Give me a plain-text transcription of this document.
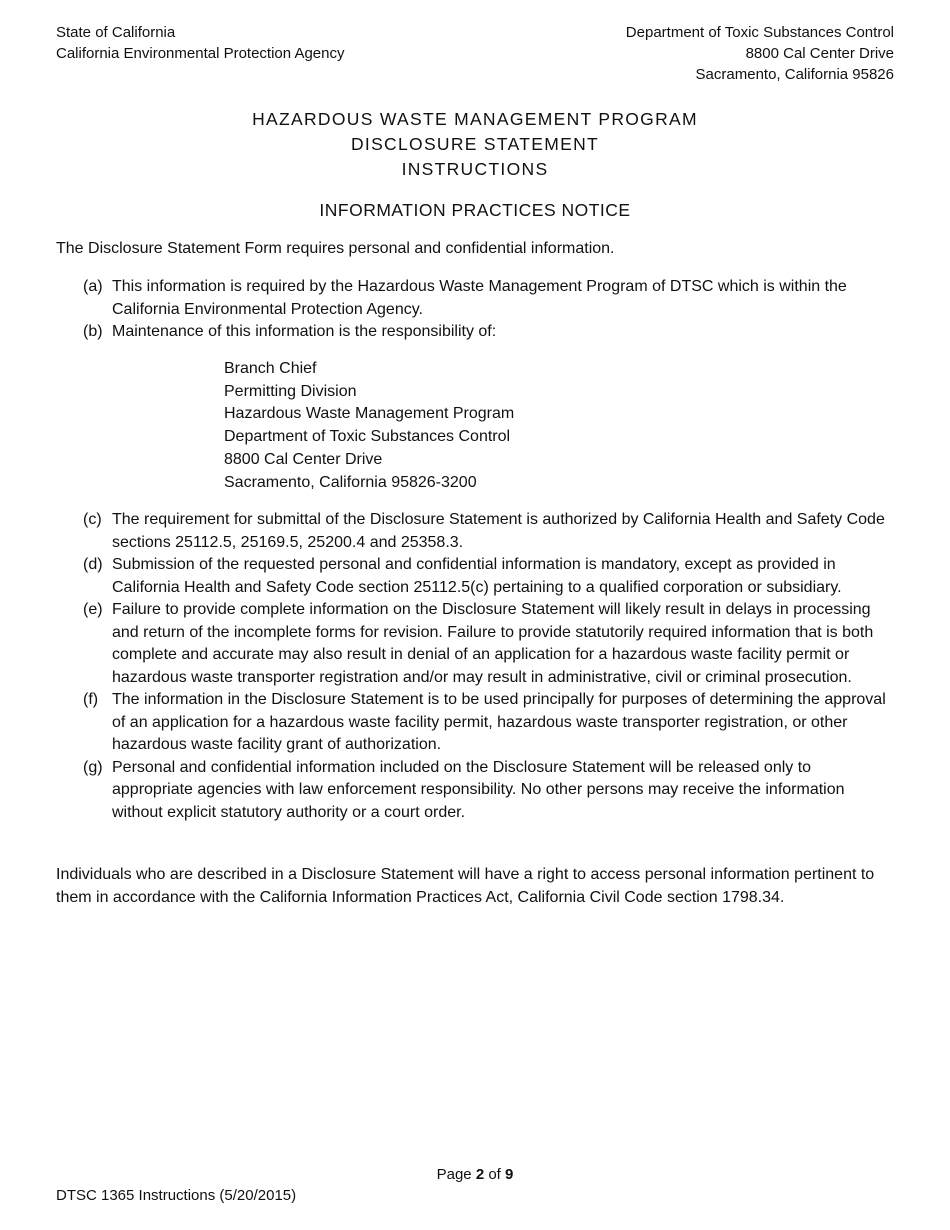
State of California
California Environmental Protection Agency
Department of Toxic Substances Control
8800 Cal Center Drive
Sacramento, California 95826
HAZARDOUS WASTE MANAGEMENT PROGRAM
DISCLOSURE STATEMENT
INSTRUCTIONS
INFORMATION PRACTICES NOTICE
The Disclosure Statement Form requires personal and confidential information.
(a) This information is required by the Hazardous Waste Management Program of DTSC which is within the California Environmental Protection Agency.
(b) Maintenance of this information is the responsibility of:
Branch Chief
Permitting Division
Hazardous Waste Management Program
Department of Toxic Substances Control
8800 Cal Center Drive
Sacramento, California 95826-3200
(c) The requirement for submittal of the Disclosure Statement is authorized by California Health and Safety Code sections 25112.5, 25169.5, 25200.4 and 25358.3.
(d) Submission of the requested personal and confidential information is mandatory, except as provided in California Health and Safety Code section 25112.5(c) pertaining to a qualified corporation or subsidiary.
(e) Failure to provide complete information on the Disclosure Statement will likely result in delays in processing and return of the incomplete forms for revision. Failure to provide statutorily required information that is both complete and accurate may also result in denial of an application for a hazardous waste facility permit or hazardous waste transporter registration and/or may result in administrative, civil or criminal prosecution.
(f) The information in the Disclosure Statement is to be used principally for purposes of determining the approval of an application for a hazardous waste facility permit, hazardous waste transporter registration, or other hazardous waste facility grant of authorization.
(g) Personal and confidential information included on the Disclosure Statement will be released only to appropriate agencies with law enforcement responsibility. No other persons may receive the information without explicit statutory authority or a court order.
Individuals who are described in a Disclosure Statement will have a right to access personal information pertinent to them in accordance with the California Information Practices Act, California Civil Code section 1798.34.
Page 2 of 9
DTSC 1365 Instructions (5/20/2015)
